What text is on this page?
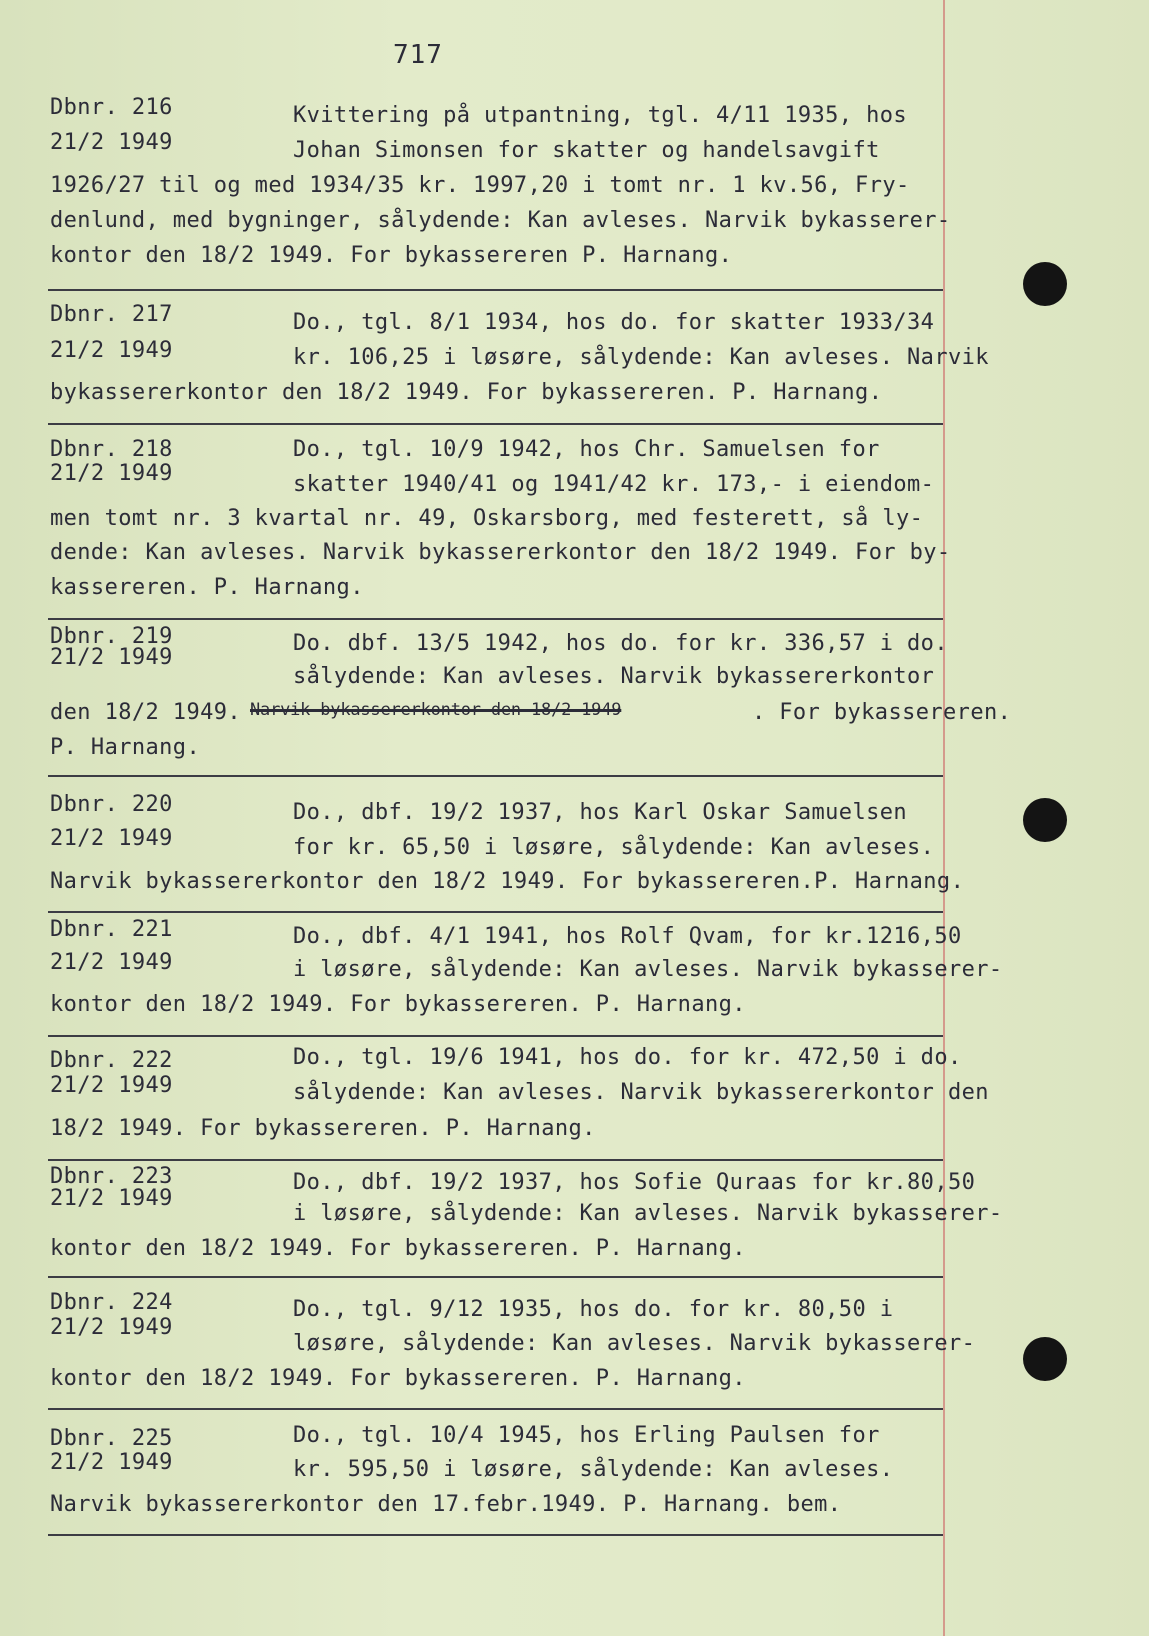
717
Dbnr. 216
21/2 1949
Kvittering på utpantning, tgl. 4/11 1935, hos
Johan Simonsen for skatter og handelsavgift
1926/27 til og med 1934/35 kr. 1997,20 i tomt nr. 1 kv.56, Fry-
denlund, med bygninger, sålydende: Kan avleses. Narvik bykasserer-
kontor den 18/2 1949. For bykassereren P. Harnang.
Dbnr. 217
21/2 1949
Do., tgl. 8/1 1934, hos do. for skatter 1933/34
kr. 106,25 i løsøre, sålydende: Kan avleses. Narvik
bykassererkontor den 18/2 1949. For bykassereren. P. Harnang.
Dbnr. 218
21/2 1949
Do., tgl. 10/9 1942, hos Chr. Samuelsen for
skatter 1940/41 og 1941/42 kr. 173,- i eiendom-
men tomt nr. 3 kvartal nr. 49, Oskarsborg, med festerett, så ly-
dende: Kan avleses. Narvik bykassererkontor den 18/2 1949. For by-
kassereren. P. Harnang.
Dbnr. 219
21/2 1949
Do. dbf. 13/5 1942, hos do. for kr. 336,57 i do.
sålydende: Kan avleses. Narvik bykassererkontor
den 18/2 1949. Narvik bykassererkontor den 18/2 1949	. For bykassereren.
P. Harnang.
Dbnr. 220
21/2 1949
Do., dbf. 19/2 1937, hos Karl Oskar Samuelsen
for kr. 65,50 i løsøre, sålydende: Kan avleses.
Narvik bykassererkontor den 18/2 1949. For bykassereren.P. Harnang.
Dbnr. 221
21/2 1949
Do., dbf. 4/1 1941, hos Rolf Qvam, for kr.1216,50
i løsøre, sålydende: Kan avleses. Narvik bykasserer-
kontor den 18/2 1949. For bykassereren. P. Harnang.
Dbnr. 222
21/2 1949
Do., tgl. 19/6 1941, hos do. for kr. 472,50 i do.
sålydende: Kan avleses. Narvik bykassererkontor den
18/2 1949. For bykassereren. P. Harnang.
Dbnr. 223
21/2 1949
Do., dbf. 19/2 1937, hos Sofie Quraas for kr.80,50
i løsøre, sålydende: Kan avleses. Narvik bykasserer-
kontor den 18/2 1949. For bykassereren. P. Harnang.
Dbnr. 224
21/2 1949
Do., tgl. 9/12 1935, hos do. for kr. 80,50 i
løsøre, sålydende: Kan avleses. Narvik bykasserer-
kontor den 18/2 1949. For bykassereren. P. Harnang.
Dbnr. 225
21/2 1949
Do., tgl. 10/4 1945, hos Erling Paulsen for
kr. 595,50 i løsøre, sålydende: Kan avleses.
Narvik bykassererkontor den 17.febr.1949. P. Harnang. bem.
